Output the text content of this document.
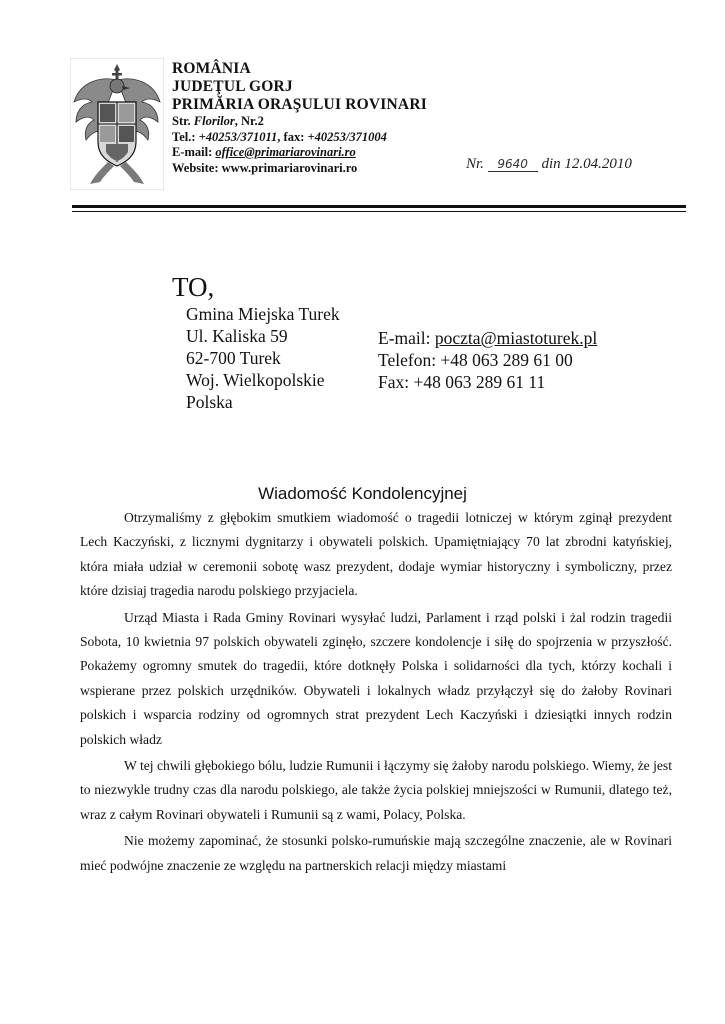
ROMÂNIA
JUDEŢUL GORJ
PRIMĂRIA ORAŞULUI ROVINARI
Str. Florilor, Nr.2
Tel.: +40253/371011, fax: +40253/371004
E-mail: office@primariarovinari.ro
Website: www.primariarovinari.ro	Nr. 9640 din 12.04.2010
TO,
Gmina Miejska Turek
Ul. Kaliska 59
62-700 Turek
Woj. Wielkopolskie
Polska
E-mail: poczta@miastoturek.pl
Telefon: +48 063 289 61 00
Fax: +48 063 289 61 11
Wiadomość Kondolencyjnej

Otrzymaliśmy z głębokim smutkiem wiadomość o tragedii lotniczej w którym zginął prezydent Lech Kaczyński, z licznymi dygnitarzy i obywateli polskich. Upamiętniający 70 lat zbrodni katyńskiej, która miała udział w ceremonii sobotę wasz prezydent, dodaje wymiar historyczny i symboliczny, przez które dzisiaj tragedia narodu polskiego przyjaciela.

Urząd Miasta i Rada Gminy Rovinari wysyłać ludzi, Parlament i rząd polski i żal rodzin tragedii Sobota, 10 kwietnia 97 polskich obywateli zginęło, szczere kondolencje i siłę do spojrzenia w przyszłość. Pokażemy ogromny smutek do tragedii, które dotknęły Polska i solidarności dla tych, którzy kochali i wspierane przez polskich urzędników. Obywateli i lokalnych władz przyłączył się do żałoby Rovinari polskich i wsparcia rodziny od ogromnych strat prezydent Lech Kaczyński i dziesiątki innych rodzin polskich władz

W tej chwili głębokiego bólu, ludzie Rumunii i łączymy się żałoby narodu polskiego. Wiemy, że jest to niezwykle trudny czas dla narodu polskiego, ale także życia polskiej mniejszości w Rumunii, dlatego też, wraz z całym Rovinari obywateli i Rumunii są z wami, Polacy, Polska.

Nie możemy zapominać, że stosunki polsko-rumuńskie mają szczególne znaczenie, ale w Rovinari mieć podwójne znaczenie ze względu na partnerskich relacji między miastami
